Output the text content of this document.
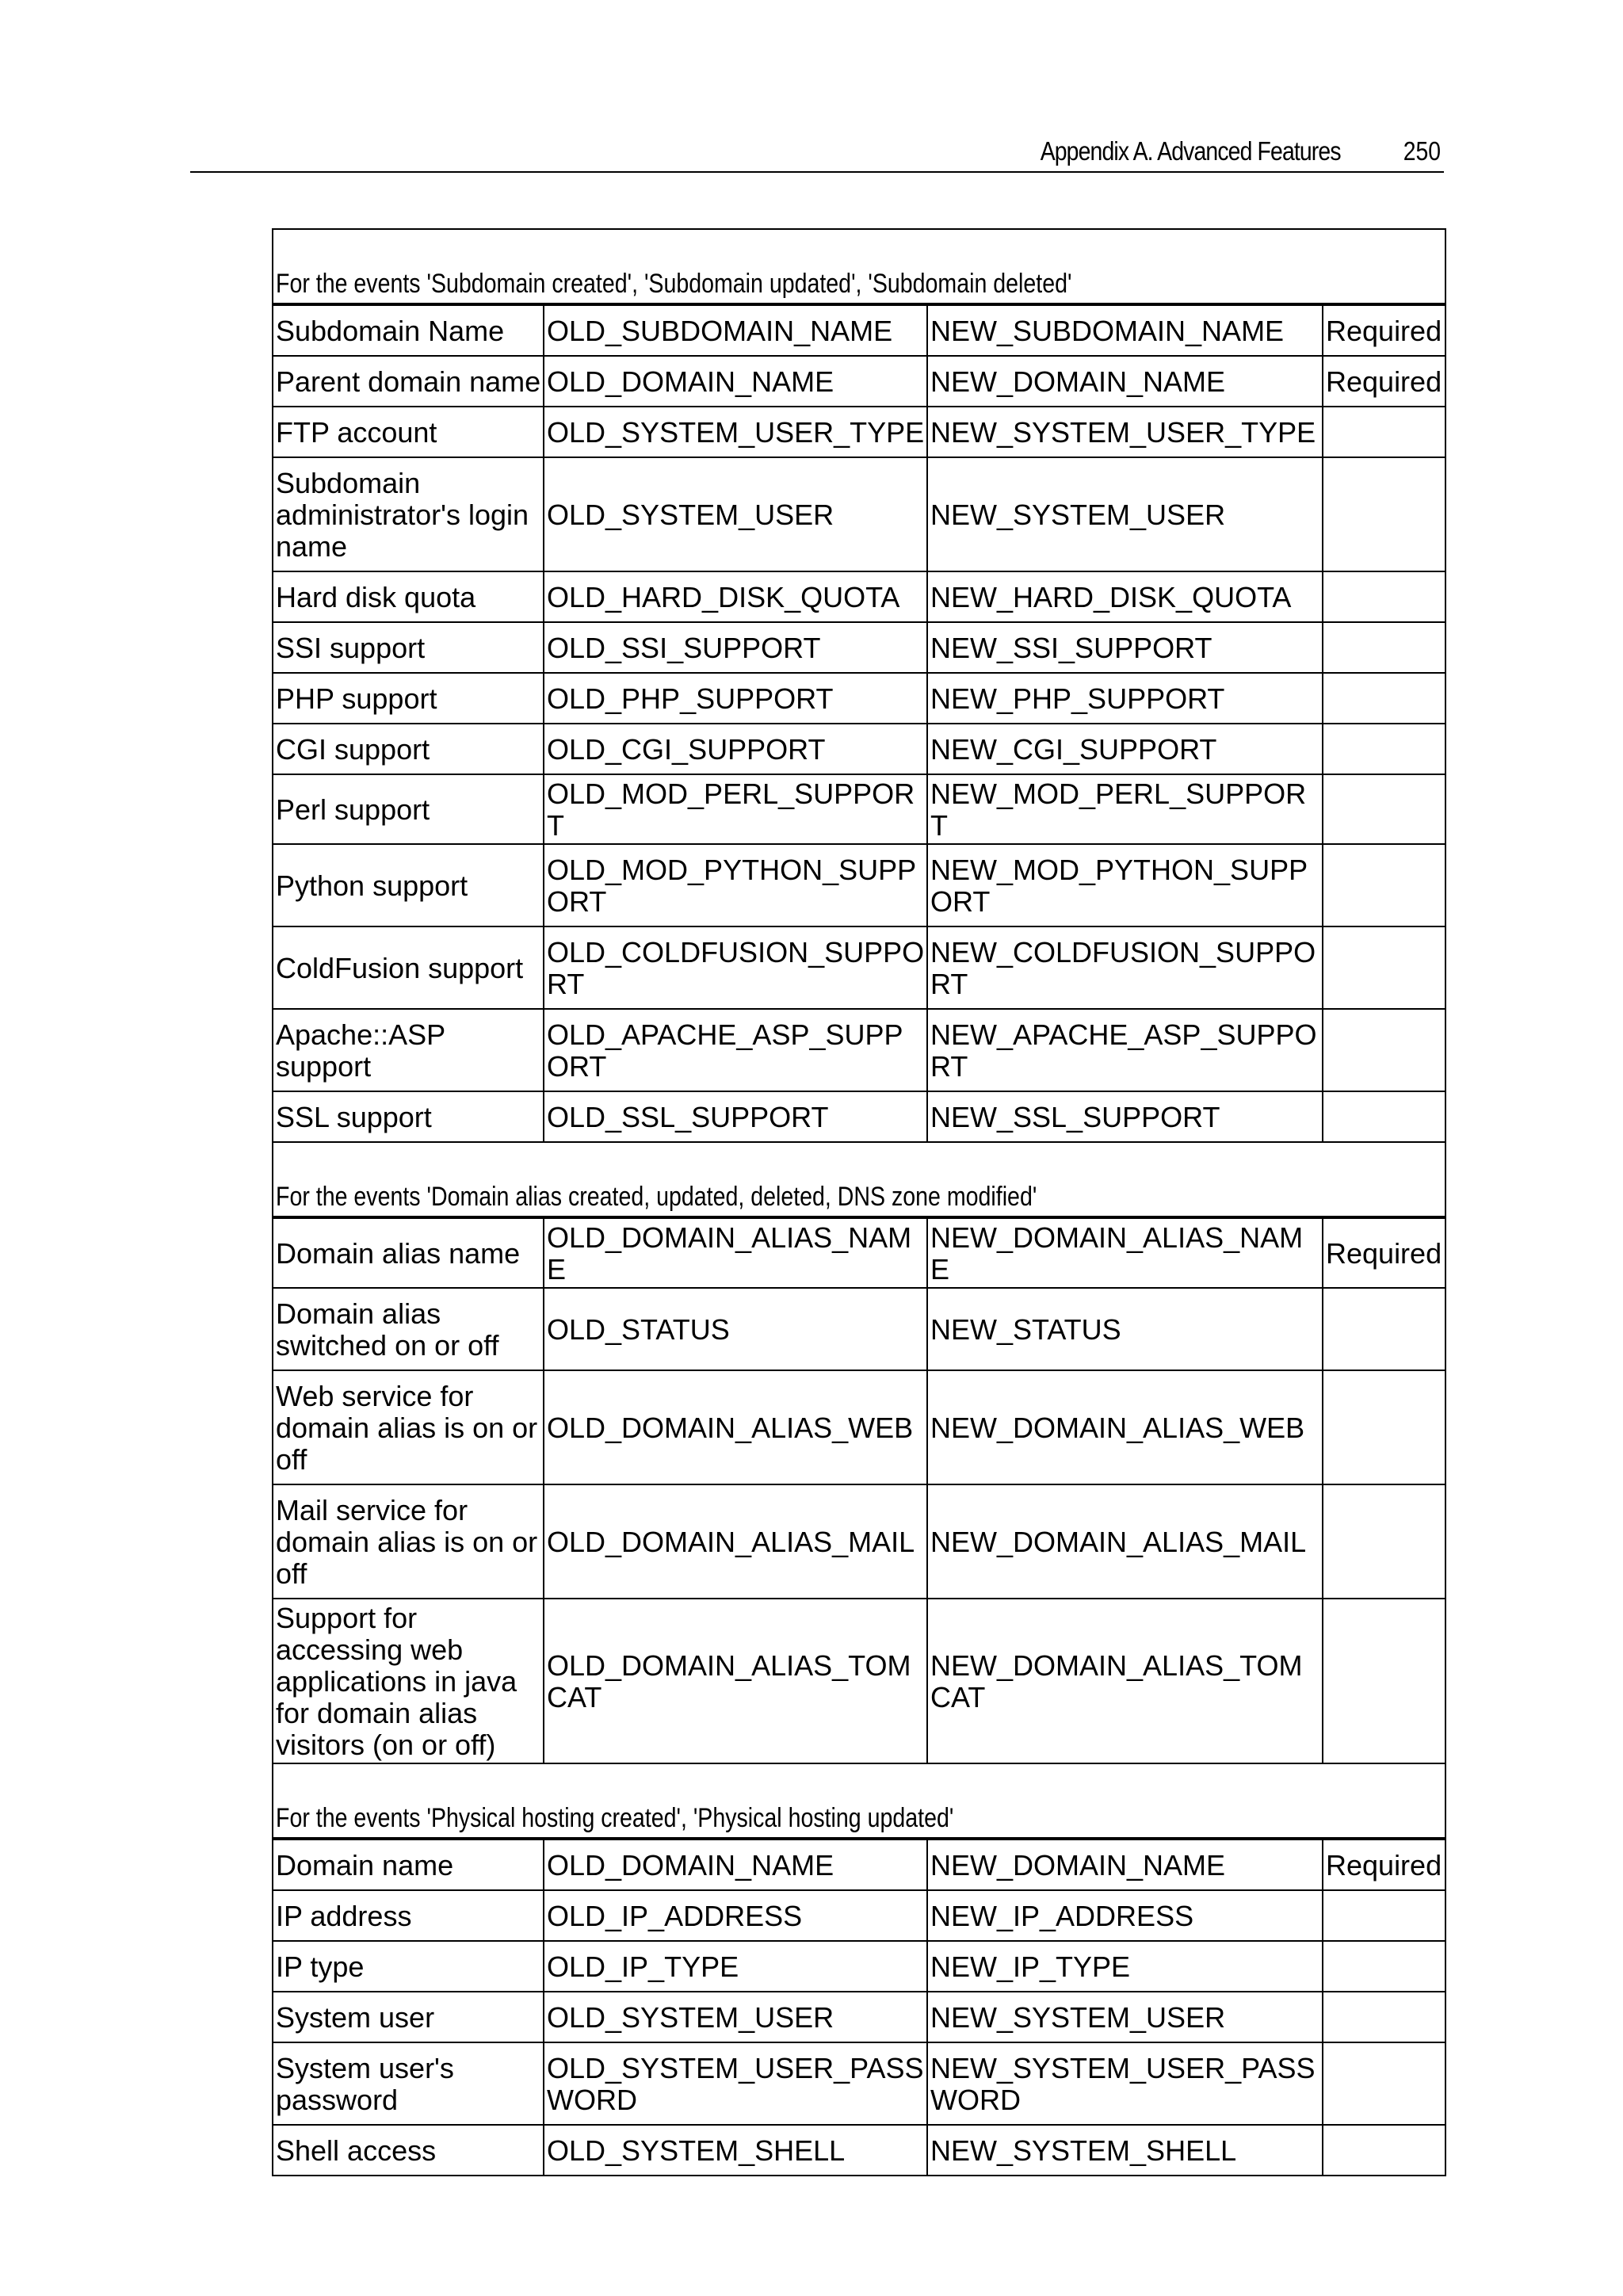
Appendix A. Advanced Features 250
For the events 'Subdomain created', 'Subdomain updated', 'Subdomain deleted'			
Subdomain Name	OLD_SUBDOMAIN_NAME	NEW_SUBDOMAIN_NAME	Required
Parent domain name	OLD_DOMAIN_NAME	NEW_DOMAIN_NAME	Required
FTP account	OLD_SYSTEM_USER_TYPE	NEW_SYSTEM_USER_TYPE	
Subdomain administrator's login name	OLD_SYSTEM_USER	NEW_SYSTEM_USER	
Hard disk quota	OLD_HARD_DISK_QUOTA	NEW_HARD_DISK_QUOTA	
SSI support	OLD_SSI_SUPPORT	NEW_SSI_SUPPORT	
PHP support	OLD_PHP_SUPPORT	NEW_PHP_SUPPORT	
CGI support	OLD_CGI_SUPPORT	NEW_CGI_SUPPORT	
Perl support	OLD_MOD_PERL_SUPPORT	NEW_MOD_PERL_SUPPORT	
Python support	OLD_MOD_PYTHON_SUPPORT	NEW_MOD_PYTHON_SUPPORT	
ColdFusion support	OLD_COLDFUSION_SUPPORT	NEW_COLDFUSION_SUPPORT	
Apache::ASP support	OLD_APACHE_ASP_SUPPORT	NEW_APACHE_ASP_SUPPORT	
SSL support	OLD_SSL_SUPPORT	NEW_SSL_SUPPORT	
For the events 'Domain alias created, updated, deleted, DNS zone modified'			
Domain alias name	OLD_DOMAIN_ALIAS_NAME	NEW_DOMAIN_ALIAS_NAME	Required
Domain alias switched on or off	OLD_STATUS	NEW_STATUS	
Web service for domain alias is on or off	OLD_DOMAIN_ALIAS_WEB	NEW_DOMAIN_ALIAS_WEB	
Mail service for domain alias is on or off	OLD_DOMAIN_ALIAS_MAIL	NEW_DOMAIN_ALIAS_MAIL	
Support for accessing web applications in java for domain alias visitors (on or off)	OLD_DOMAIN_ALIAS_TOMCAT	NEW_DOMAIN_ALIAS_TOMCAT	
For the events 'Physical hosting created', 'Physical hosting updated'			
Domain name	OLD_DOMAIN_NAME	NEW_DOMAIN_NAME	Required
IP address	OLD_IP_ADDRESS	NEW_IP_ADDRESS	
IP type	OLD_IP_TYPE	NEW_IP_TYPE	
System user	OLD_SYSTEM_USER	NEW_SYSTEM_USER	
System user's password	OLD_SYSTEM_USER_PASSWORD	NEW_SYSTEM_USER_PASSWORD	
Shell access	OLD_SYSTEM_SHELL	NEW_SYSTEM_SHELL	
